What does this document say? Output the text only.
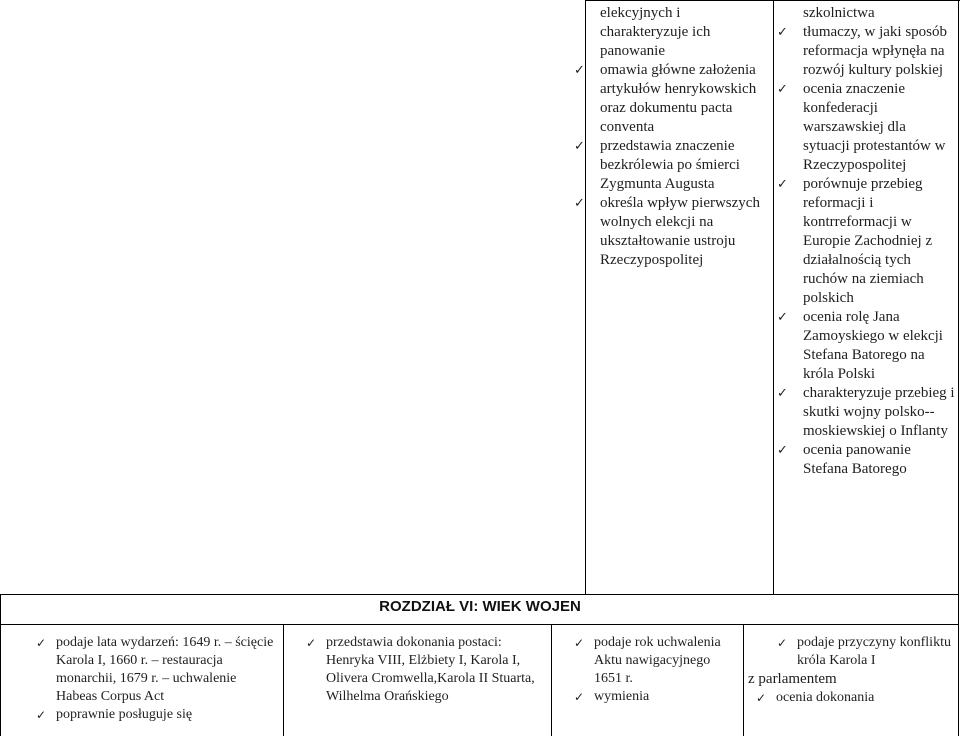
elekcyjnych i charakteryzuje ich panowanie
✓ omawia główne założenia artykułów henrykowskich oraz dokumentu pacta conventa
✓ przedstawia znaczenie bezkrólewia po śmierci Zygmunta Augusta
✓ określa wpływ pierwszych wolnych elekcji na ukształtowanie ustroju Rzeczypospolitej
szkolnictwa
✓ tłumaczy, w jaki sposób reformacja wpłynęła na rozwój kultury polskiej
✓ ocenia znaczenie konfederacji warszawskiej dla sytuacji protestantów w Rzeczypospolitej
✓ porównuje przebieg reformacji i kontrreformacji w Europie Zachodniej z działalnością tych ruchów na ziemiach polskich
✓ ocenia rolę Jana Zamoyskiego w elekcji Stefana Batorego na króla Polski
✓ charakteryzuje przebieg i skutki wojny polsko-- moskiewskiej o Inflanty
✓ ocenia panowanie Stefana Batorego
ROZDZIAŁ VI: WIEK WOJEN
✓ podaje lata wydarzeń: 1649 r. – ścięcie Karola I, 1660 r. – restauracja monarchii, 1679 r. – uchwalenie Habeas Corpus Act
✓ poprawnie posługuje się
✓ przedstawia dokonania postaci: Henryka VIII, Elżbiety I, Karola I, Olivera Cromwella,Karola II Stuarta, Wilhelma Orańskiego
✓ podaje rok uchwalenia Aktu nawigacyjnego 1651 r.
✓ wymienia
✓ podaje przyczyny konfliktu króla Karola I
z parlamentem
✓ ocenia dokonania
